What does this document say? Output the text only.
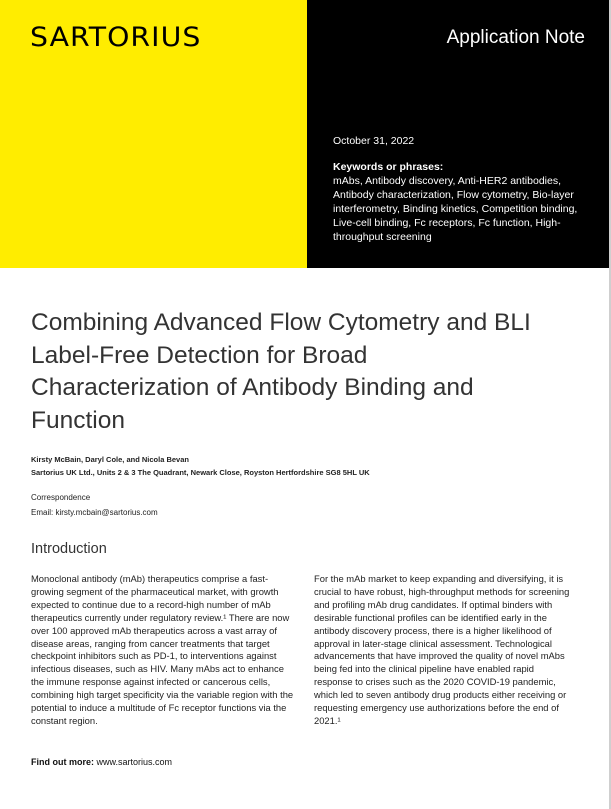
SARTORIUS	Application Note
October 31, 2022
Keywords or phrases:
mAbs, Antibody discovery, Anti-HER2 antibodies, Antibody characterization, Flow cytometry, Bio-layer interferometry, Binding kinetics, Competition binding, Live-cell binding, Fc receptors, Fc function, High-throughput screening
Combining Advanced Flow Cytometry and BLI Label-Free Detection for Broad Characterization of Antibody Binding and Function
Kirsty McBain, Daryl Cole, and Nicola Bevan
Sartorius UK Ltd., Units 2 & 3 The Quadrant, Newark Close, Royston Hertfordshire SG8 5HL UK
Correspondence
Email: kirsty.mcbain@sartorius.com
Introduction
Monoclonal antibody (mAb) therapeutics comprise a fast-growing segment of the pharmaceutical market, with growth expected to continue due to a record-high number of mAb therapeutics currently under regulatory review.¹ There are now over 100 approved mAb therapeutics across a vast array of disease areas, ranging from cancer treatments that target checkpoint inhibitors such as PD-1, to interventions against infectious diseases, such as HIV. Many mAbs act to enhance the immune response against infected or cancerous cells, combining high target specificity via the variable region with the potential to induce a multitude of Fc receptor functions via the constant region.
For the mAb market to keep expanding and diversifying, it is crucial to have robust, high-throughput methods for screening and profiling mAb drug candidates. If optimal binders with desirable functional profiles can be identified early in the antibody discovery process, there is a higher likelihood of approval in later-stage clinical assessment. Technological advancements that have improved the quality of novel mAbs being fed into the clinical pipeline have enabled rapid response to crises such as the 2020 COVID-19 pandemic, which led to seven antibody drug products either receiving or requesting emergency use authorizations before the end of 2021.¹
Find out more: www.sartorius.com
